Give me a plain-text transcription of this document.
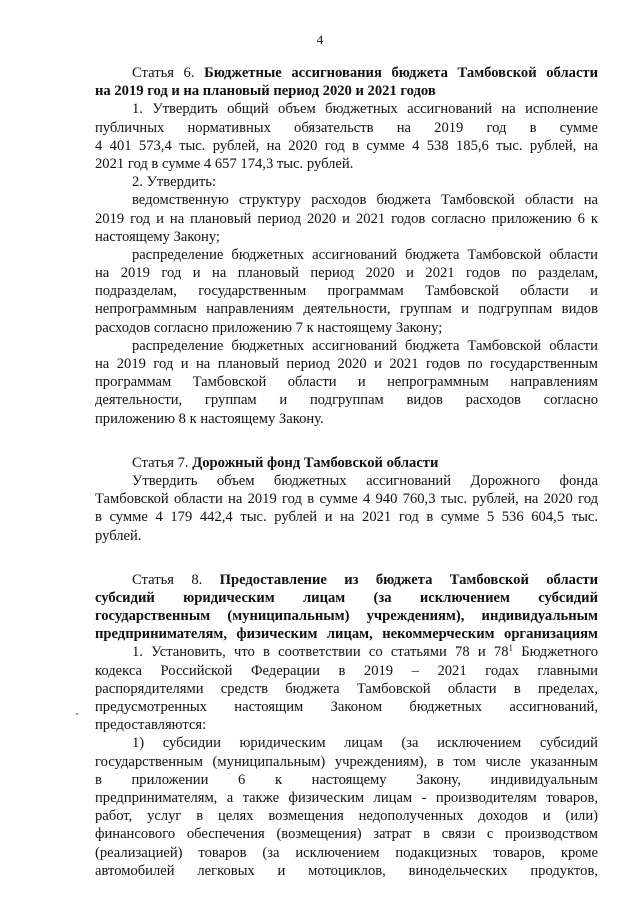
4
Статья 6. Бюджетные ассигнования бюджета Тамбовской области
на 2019 год и на плановый период 2020 и 2021 годов
1. Утвердить общий объем бюджетных ассигнований на исполнение
публичных нормативных обязательств на 2019 год в сумме
4 401 573,4 тыс. рублей, на 2020 год в сумме 4 538 185,6 тыс. рублей, на
2021 год в сумме 4 657 174,3 тыс. рублей.
2. Утвердить:
ведомственную структуру расходов бюджета Тамбовской области на
2019 год и на плановый период 2020 и 2021 годов согласно приложению 6 к
настоящему Закону;
распределение бюджетных ассигнований бюджета Тамбовской области
на 2019 год и на плановый период 2020 и 2021 годов по разделам,
подразделам, государственным программам Тамбовской области и
непрограммным направлениям деятельности, группам и подгруппам видов
расходов согласно приложению 7 к настоящему Закону;
распределение бюджетных ассигнований бюджета Тамбовской области
на 2019 год и на плановый период 2020 и 2021 годов по государственным
программам Тамбовской области и непрограммным направлениям
деятельности, группам и подгруппам видов расходов согласно
приложению 8 к настоящему Закону.
Статья 7. Дорожный фонд Тамбовской области
Утвердить объем бюджетных ассигнований Дорожного фонда
Тамбовской области на 2019 год в сумме 4 940 760,3 тыс. рублей, на 2020 год
в сумме 4 179 442,4 тыс. рублей и на 2021 год в сумме 5 536 604,5 тыс.
рублей.
Статья 8. Предоставление из бюджета Тамбовской области
субсидий юридическим лицам (за исключением субсидий
государственным (муниципальным) учреждениям), индивидуальным
предпринимателям, физическим лицам, некоммерческим организациям
1. Установить, что в соответствии со статьями 78 и $78^1$ Бюджетного
кодекса Российской Федерации в 2019 – 2021 годах главными
распорядителями средств бюджета Тамбовской области в пределах,
предусмотренных настоящим Законом бюджетных ассигнований,
предоставляются:
1) субсидии юридическим лицам (за исключением субсидий
государственным (муниципальным) учреждениям), в том числе указанным
в приложении 6 к настоящему Закону, индивидуальным
предпринимателям, а также физическим лицам - производителям товаров,
работ, услуг в целях возмещения недополученных доходов и (или)
финансового обеспечения (возмещения) затрат в связи с производством
(реализацией) товаров (за исключением подакцизных товаров, кроме
автомобилей легковых и мотоциклов, винодельческих продуктов,
